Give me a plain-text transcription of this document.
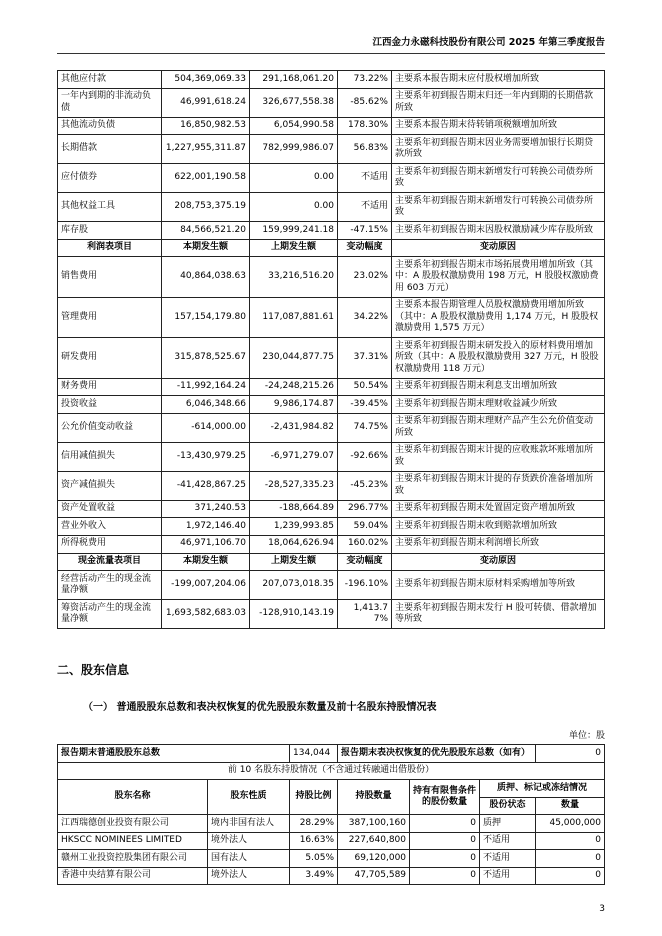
江西金力永磁科技股份有限公司 2025 年第三季度报告
其他应付款	504,369,069.33	291,168,061.20	73.22%	主要系本报告期末应付股权增加所致
一年内到期的非流动负债	46,991,618.24	326,677,558.38	-85.62%	主要系年初到报告期末归还一年内到期的长期借款所致
其他流动负债	16,850,982.53	6,054,990.58	178.30%	主要系本报告期末待转销项税额增加所致
长期借款	1,227,955,311.87	782,999,986.07	56.83%	主要系年初到报告期末因业务需要增加银行长期贷款所致
应付债券	622,001,190.58	0.00	不适用	主要系年初到报告期末新增发行可转换公司债券所致
其他权益工具	208,753,375.19	0.00	不适用	主要系年初到报告期末新增发行可转换公司债券所致
库存股	84,566,521.20	159,999,241.18	-47.15%	主要系年初到报告期末因股权激励减少库存股所致
利润表项目	本期发生额	上期发生额	变动幅度	变动原因
销售费用	40,864,038.63	33,216,516.20	23.02%	主要系年初到报告期末市场拓展费用增加所致（其中：A 股股权激励费用 198 万元，H 股股权激励费用 603 万元）
管理费用	157,154,179.80	117,087,881.61	34.22%	主要系本报告期管理人员股权激励费用增加所致（其中：A 股股权激励费用 1,174 万元，H 股股权激励费用 1,575 万元）
研发费用	315,878,525.67	230,044,877.75	37.31%	主要系年初到报告期末研发投入的原材料费用增加所致（其中：A 股股权激励费用 327 万元，H 股股权激励费用 118 万元）
财务费用	-11,992,164.24	-24,248,215.26	50.54%	主要系年初到报告期末利息支出增加所致
投资收益	6,046,348.66	9,986,174.87	-39.45%	主要系年初到报告期末理财收益减少所致
公允价值变动收益	-614,000.00	-2,431,984.82	74.75%	主要系年初到报告期末理财产品产生公允价值变动所致
信用减值损失	-13,430,979.25	-6,971,279.07	-92.66%	主要系年初到报告期末计提的应收账款坏账增加所致
资产减值损失	-41,428,867.25	-28,527,335.23	-45.23%	主要系年初到报告期末计提的存货跌价准备增加所致
资产处置收益	371,240.53	-188,664.89	296.77%	主要系年初到报告期末处置固定资产增加所致
营业外收入	1,972,146.40	1,239,993.85	59.04%	主要系年初到报告期末收到赔款增加所致
所得税费用	46,971,106.70	18,064,626.94	160.02%	主要系年初到报告期末利润增长所致
现金流量表项目	本期发生额	上期发生额	变动幅度	变动原因
经营活动产生的现金流量净额	-199,007,204.06	207,073,018.35	-196.10%	主要系年初到报告期末原材料采购增加等所致
筹资活动产生的现金流量净额	1,693,582,683.03	-128,910,143.19	1,413.77%	主要系年初到报告期末发行 H 股可转债、借款增加等所致
二、股东信息
（一） 普通股股东总数和表决权恢复的优先股股东数量及前十名股东持股情况表
单位：股
报告期末普通股股东总数		134,044	报告期末表决权恢复的优先股股东总数（如有）			0
前 10 名股东持股情况（不含通过转融通出借股份）						
股东名称	股东性质	持股比例	持股数量	持有有限售条件的股份数量	质押、标记或冻结情况	
					股份状态	数量
江西瑞德创业投资有限公司	境内非国有法人	28.29%	387,100,160	0	质押	45,000,000
HKSCC NOMINEES LIMITED	境外法人	16.63%	227,640,800	0	不适用	0
赣州工业投资控股集团有限公司	国有法人	5.05%	69,120,000	0	不适用	0
香港中央结算有限公司	境外法人	3.49%	47,705,589	0	不适用	0
3
